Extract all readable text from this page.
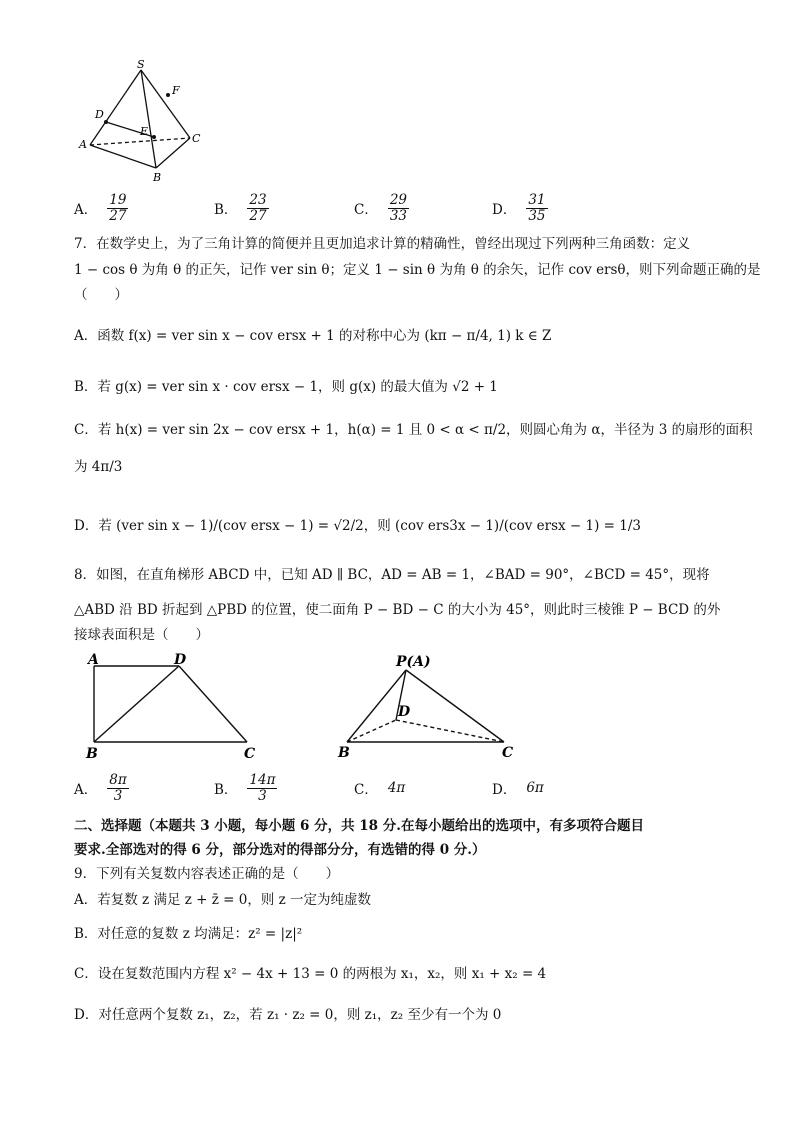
S
D
F
E
A	C
B
A． $\frac{19}{27}$	B． $\frac{23}{27}$	C． $\frac{29}{33}$	D． $\frac{31}{35}$
7．在数学史上，为了三角计算的简便并且更加追求计算的精确性，曾经出现过下列两种三角函数：定义
1 − cos θ 为角 θ 的正矢，记作 ver sin θ；定义 1 − sin θ 为角 θ 的余矢，记作 cov ersθ，则下列命题正确的是
（　　）
A．函数 f(x) = ver sin x − cov ersx + 1 的对称中心为 (kπ − π/4, 1) k ∈ Z
B．若 g(x) = ver sin x · cov ersx − 1，则 g(x) 的最大值为 √2 + 1
C．若 h(x) = ver sin 2x − cov ersx + 1，h(α) = 1 且 0 < α < π/2，则圆心角为 α，半径为 3 的扇形的面积
为 4π/3
D．若 (ver sin x − 1)/(cov ersx − 1) = √2/2，则 (cov ers3x − 1)/(cov ersx − 1) = 1/3
8．如图，在直角梯形 ABCD 中，已知 AD ∥ BC，AD = AB = 1，∠BAD = 90°，∠BCD = 45°，现将
△ABD 沿 BD 折起到 △PBD 的位置，使二面角 P − BD − C 的大小为 45°，则此时三棱锥 P − BCD 的外
接球表面积是（　　）
A	D
B	C
P(A)
D
B	C
A． $\frac{8\pi}{3}$	B． $\frac{14\pi}{3}$	C． 4π	D． 6π
二、选择题（本题共 3 小题，每小题 6 分，共 18 分.在每小题给出的选项中，有多项符合题目
要求.全部选对的得 6 分，部分选对的得部分分，有选错的得 0 分.）
9．下列有关复数内容表述正确的是（　　）
A．若复数 z 满足 z + z̄ = 0，则 z 一定为纯虚数
B．对任意的复数 z 均满足：z² = |z|²
C．设在复数范围内方程 x² − 4x + 13 = 0 的两根为 x₁，x₂，则 x₁ + x₂ = 4
D．对任意两个复数 z₁，z₂，若 z₁ · z₂ = 0，则 z₁，z₂ 至少有一个为 0
